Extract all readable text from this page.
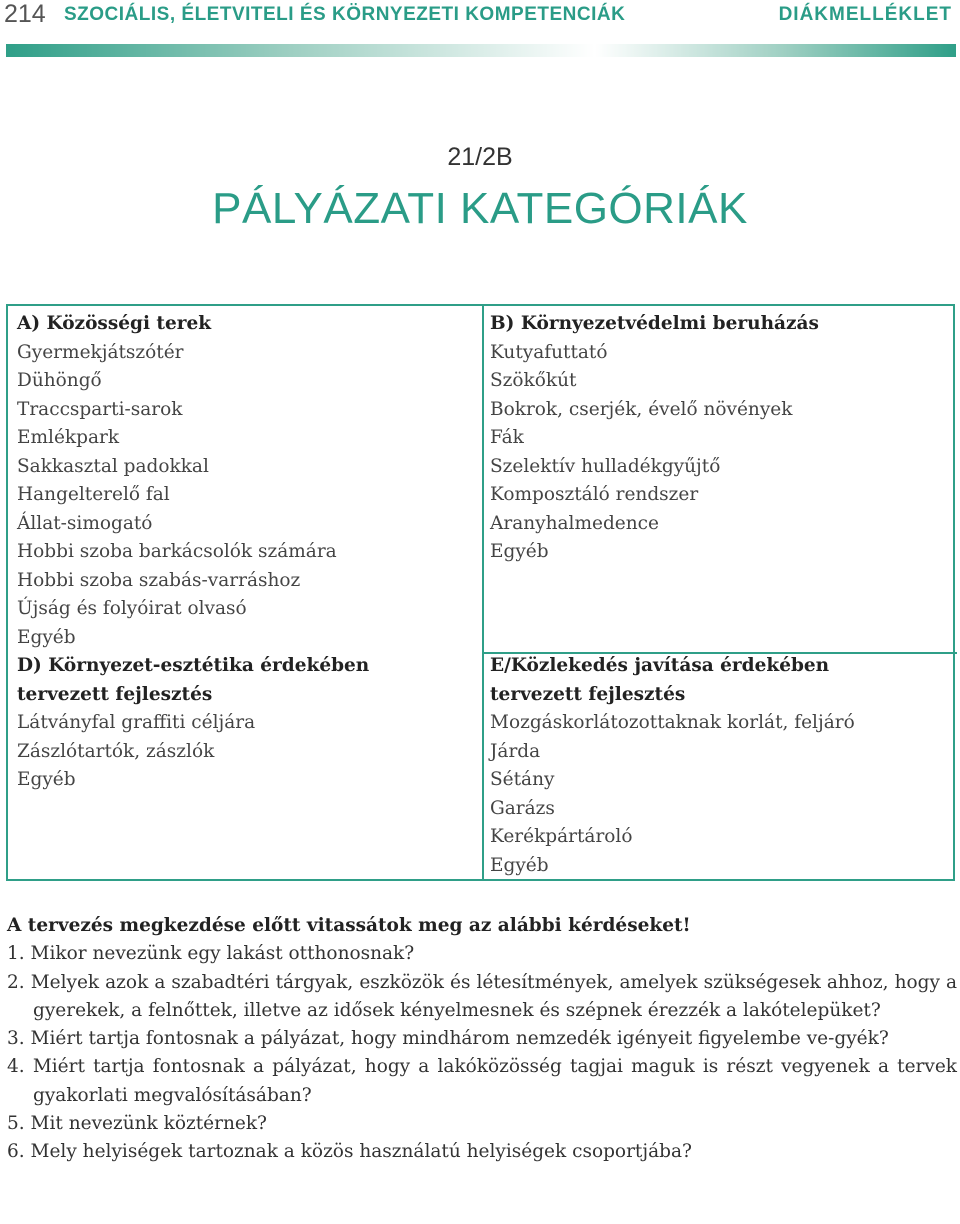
214 SZOCIÁLIS, ÉLETVITELI ÉS KÖRNYEZETI KOMPETENCIÁK	DIÁKMELLÉKLET
21/2B
PÁLYÁZATI KATEGÓRIÁK
A) Közösségi terek
Gyermekjátszótér
Dühöngő
Traccsparti-sarok
Emlékpark
Sakkasztal padokkal
Hangelterelő fal
Állat-simogató
Hobbi szoba barkácsolók számára
Hobbi szoba szabás-varráshoz
Újság és folyóirat olvasó
Egyéb
B) Környezetvédelmi beruházás
Kutyafuttató
Szökőkút
Bokrok, cserjék, évelő növények
Fák
Szelektív hulladékgyűjtő
Komposztáló rendszer
Aranyhalmedence
Egyéb
D) Környezet-esztétika érdekében
tervezett fejlesztés
Látványfal graffiti céljára
Zászlótartók, zászlók
Egyéb
E/Közlekedés javítása érdekében
tervezett fejlesztés
Mozgáskorlátozottaknak korlát, feljáró
Járda
Sétány
Garázs
Kerékpártároló
Egyéb
A tervezés megkezdése előtt vitassátok meg az alábbi kérdéseket!
1. Mikor nevezünk egy lakást otthonosnak?
2. Melyek azok a szabadtéri tárgyak, eszközök és létesítmények, amelyek szükségesek ahhoz, hogy a gyerekek, a felnőttek, illetve az idősek kényelmesnek és szépnek érezzék a lakótelepüket?
3. Miért tartja fontosnak a pályázat, hogy mindhárom nemzedék igényeit figyelembe ve-gyék?
4. Miért tartja fontosnak a pályázat, hogy a lakóközösség tagjai maguk is részt vegyenek a tervek gyakorlati megvalósításában?
5. Mit nevezünk köztérnek?
6. Mely helyiségek tartoznak a közös használatú helyiségek csoportjába?
